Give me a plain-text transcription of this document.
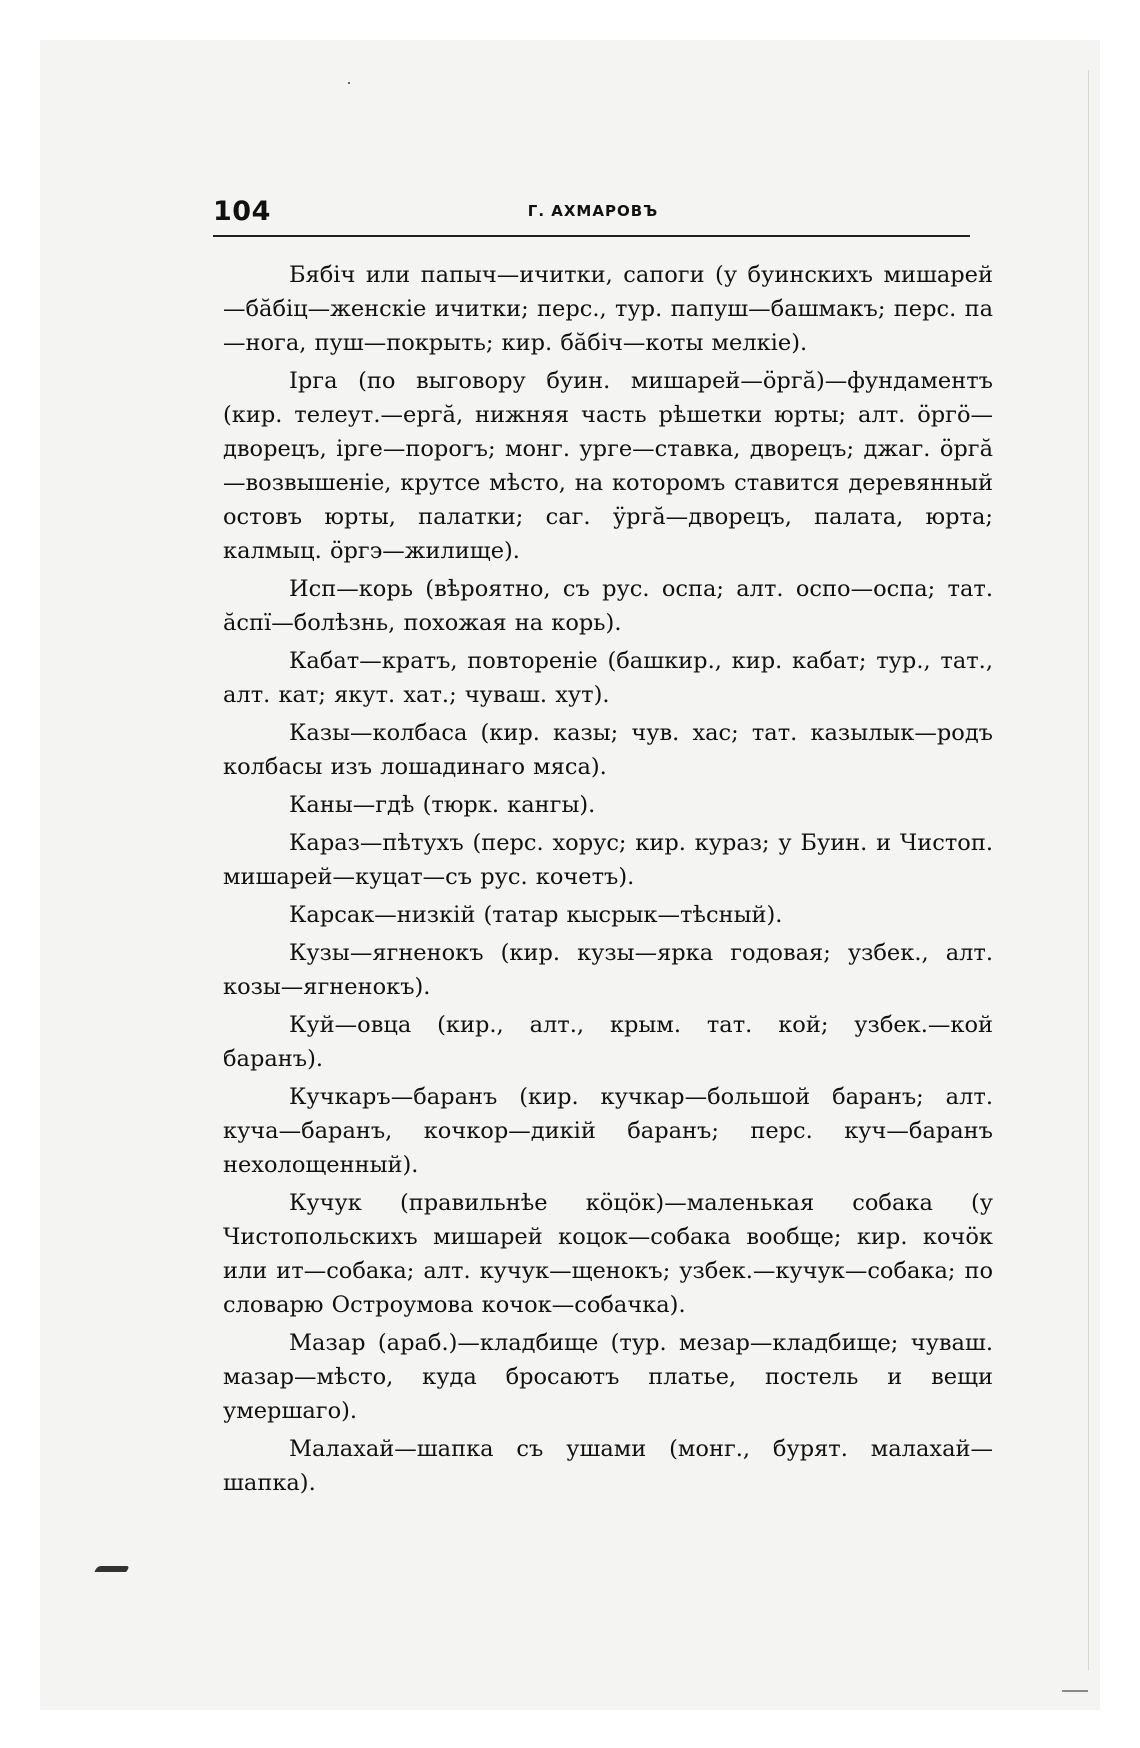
104	Г. АХМАРОВЪ

Бябіч или папыч—ичитки, сапоги (у буинскихъ мишарей—бӑбіц—женскіе ичитки; перс., тур. папуш—башмакъ; перс. па—нога, пуш—покрыть; кир. бӑбіч—коты мелкіе).

Ірга (по выговору буин. мишарей—ӧргӑ)—фундаментъ (кир. телеут.—ергӑ, нижняя часть рѣшетки юрты; алт. ӧргӧ—дворецъ, ірге—порогъ; монг. урге—ставка, дворецъ; джаг. ӧргӑ—возвышеніе, крутсе мѣсто, на которомъ ставится деревянный остовъ юрты, палатки; саг. ӱргӑ—дворецъ, палата, юрта; калмыц. ӧргэ—жилище).

Исп—корь (вѣроятно, съ рус. оспа; алт. оспо—оспа; тат. ӑспї—болѣзнь, похожая на корь).

Кабат—кратъ, повтореніе (башкир., кир. кабат; тур., тат., алт. кат; якут. хат.; чуваш. хут).

Казы—колбаса (кир. казы; чув. хас; тат. казылык—родъ колбасы изъ лошадинаго мяса).

Каны—гдѣ (тюрк. кангы).

Караз—пѣтухъ (перс. хорус; кир. кураз; у Буин. и Чистоп. мишарей—куцат—съ рус. кочетъ).

Карсак—низкій (татар кысрык—тѣсный).

Кузы—ягненокъ (кир. кузы—ярка годовая; узбек., алт. козы—ягненокъ).

Куй—овца (кир., алт., крым. тат. кой; узбек.—кой баранъ).

Кучкаръ—баранъ (кир. кучкар—большой баранъ; алт. куча—баранъ, кочкор—дикій баранъ; перс. куч—баранъ нехолощенный).

Кучук (правильнѣе кӧцӧк)—маленькая собака (у Чистопольскихъ мишарей коцок—собака вообще; кир. кочӧк или ит—собака; алт. кучук—щенокъ; узбек.—кучук—собака; по словарю Остроумова кочок—собачка).

Мазар (араб.)—кладбище (тур. мезар—кладбище; чуваш. мазар—мѣсто, куда бросаютъ платье, постель и вещи умершаго).

Малахай—шапка съ ушами (монг., бурят. малахай—шапка).
